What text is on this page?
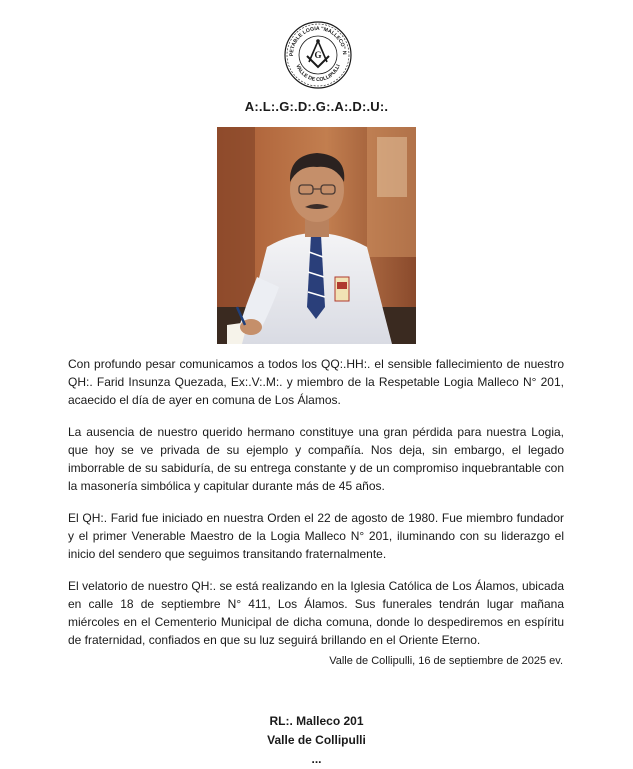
PETABLE LOGIA "MALLECO" N
VALLE DE COLLIPULLI
G
A:.L:.G:.D:.G:.A:.D:.U:.

Con profundo pesar comunicamos a todos los QQ:.HH:. el sensible fallecimiento de nuestro QH:. Farid Insunza Quezada, Ex:.V:.M:. y miembro de la Respetable Logia Malleco N° 201, acaecido el día de ayer en comuna de Los Álamos.

La ausencia de nuestro querido hermano constituye una gran pérdida para nuestra Logia, que hoy se ve privada de su ejemplo y compañía. Nos deja, sin embargo, el legado imborrable de su sabiduría, de su entrega constante y de un compromiso inquebrantable con la masonería simbólica y capitular durante más de 45 años.

El QH:. Farid fue iniciado en nuestra Orden el 22 de agosto de 1980. Fue miembro fundador y el primer Venerable Maestro de la Logia Malleco N° 201, iluminando con su liderazgo el inicio del sendero que seguimos transitando fraternalmente.

El velatorio de nuestro QH:. se está realizando en la Iglesia Católica de Los Álamos, ubicada en calle 18 de septiembre N° 411, Los Álamos. Sus funerales tendrán lugar mañana miércoles en el Cementerio Municipal de dicha comuna, donde lo despediremos en espíritu de fraternidad, confiados en que su luz seguirá brillando en el Oriente Eterno.

Valle de Collipulli, 16 de septiembre de 2025 ev.
RL:. Malleco 201
Valle de Collipulli
...
